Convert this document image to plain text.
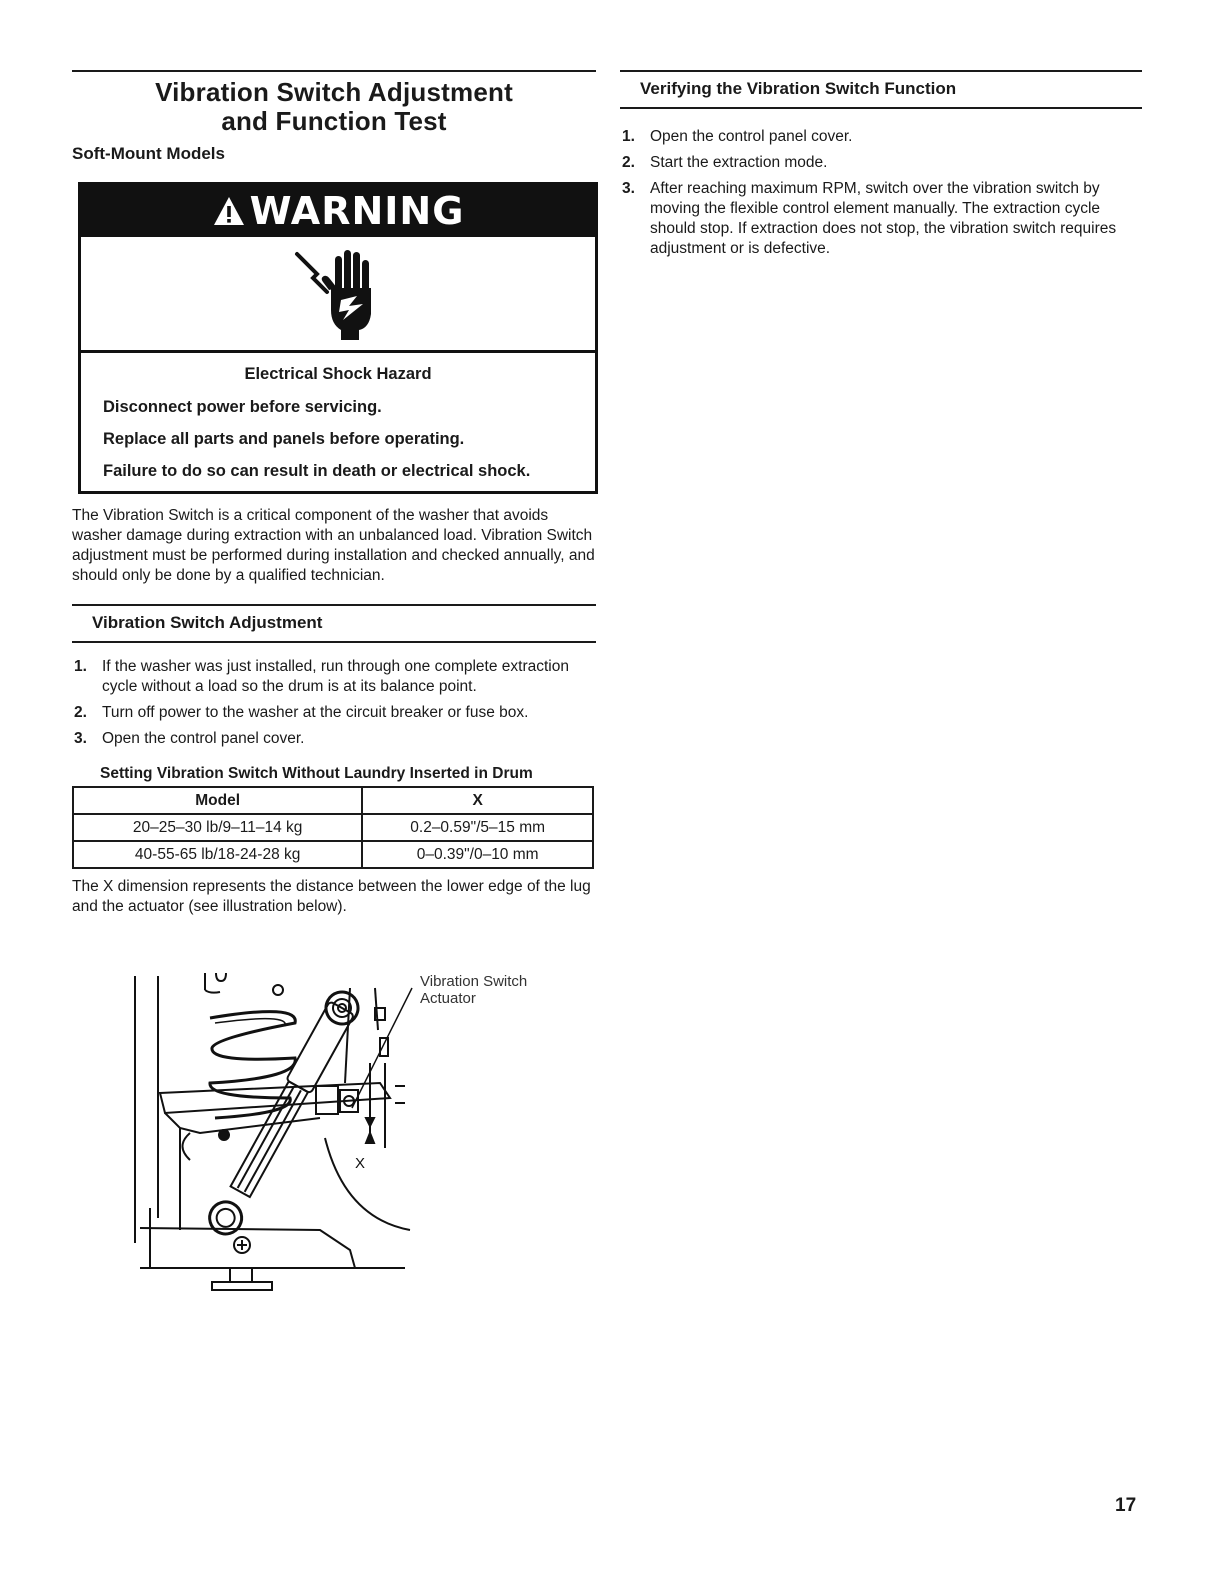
Vibration Switch Adjustment
and Function Test
Soft-Mount Models
WARNING
Electrical Shock Hazard

Disconnect power before servicing.

Replace all parts and panels before operating.

Failure to do so can result in death or electrical shock.

The Vibration Switch is a critical component of the washer that avoids washer damage during extraction with an unbalanced load. Vibration Switch adjustment must be performed during installation and checked annually, and should only be done by a qualified technician.
Vibration Switch Adjustment
1. If the washer was just installed, run through one complete extraction cycle without a load so the drum is at its balance point.
2. Turn off power to the washer at the circuit breaker or fuse box.
3. Open the control panel cover.
Setting Vibration Switch Without Laundry Inserted in Drum
Model	X
20–25–30 lb/9–11–14 kg	0.2–0.59"/5–15 mm
40-55-65 lb/18-24-28 kg	0–0.39"/0–10 mm
The X dimension represents the distance between the lower edge of the lug and the actuator (see illustration below).
Vibration Switch
Actuator
X
Verifying the Vibration Switch Function
1. Open the control panel cover.
2. Start the extraction mode.
3. After reaching maximum RPM, switch over the vibration switch by moving the flexible control element manually. The extraction cycle should stop. If extraction does not stop, the vibration switch requires adjustment or is defective.
17
